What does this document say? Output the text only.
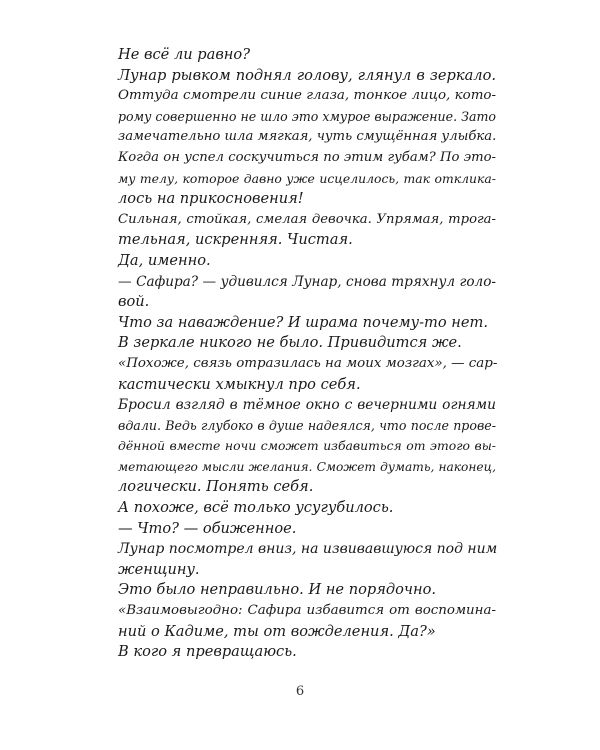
Не всё ли равно?
Лунар рывком поднял голову, глянул в зеркало.
Оттуда смотрели синие глаза, тонкое лицо, кото-
рому совершенно не шло это хмурое выражение. Зато
замечательно шла мягкая, чуть смущённая улыбка.
Когда он успел соскучиться по этим губам? По это-
му телу, которое давно уже исцелилось, так отклика-
лось на прикосновения!
Сильная, стойкая, смелая девочка. Упрямая, трога-
тельная, искренняя. Чистая.
Да, именно.
— Сафира? — удивился Лунар, снова тряхнул голо-
вой.
Что за наваждение? И шрама почему-то нет.
В зеркале никого не было. Привидится же.
«Похоже, связь отразилась на моих мозгах», — сар-
кастически хмыкнул про себя.
Бросил взгляд в тёмное окно с вечерними огнями
вдали. Ведь глубоко в душе надеялся, что после прове-
дённой вместе ночи сможет избавиться от этого вы-
метающего мысли желания. Сможет думать, наконец,
логически. Понять себя.
А похоже, всё только усугубилось.
— Что? — обиженное.
Лунар посмотрел вниз, на извивавшуюся под ним
женщину.
Это было неправильно. И не порядочно.
«Взаимовыгодно: Сафира избавится от воспомина-
ний о Кадиме, ты от вожделения. Да?»
В кого я превращаюсь.
6
